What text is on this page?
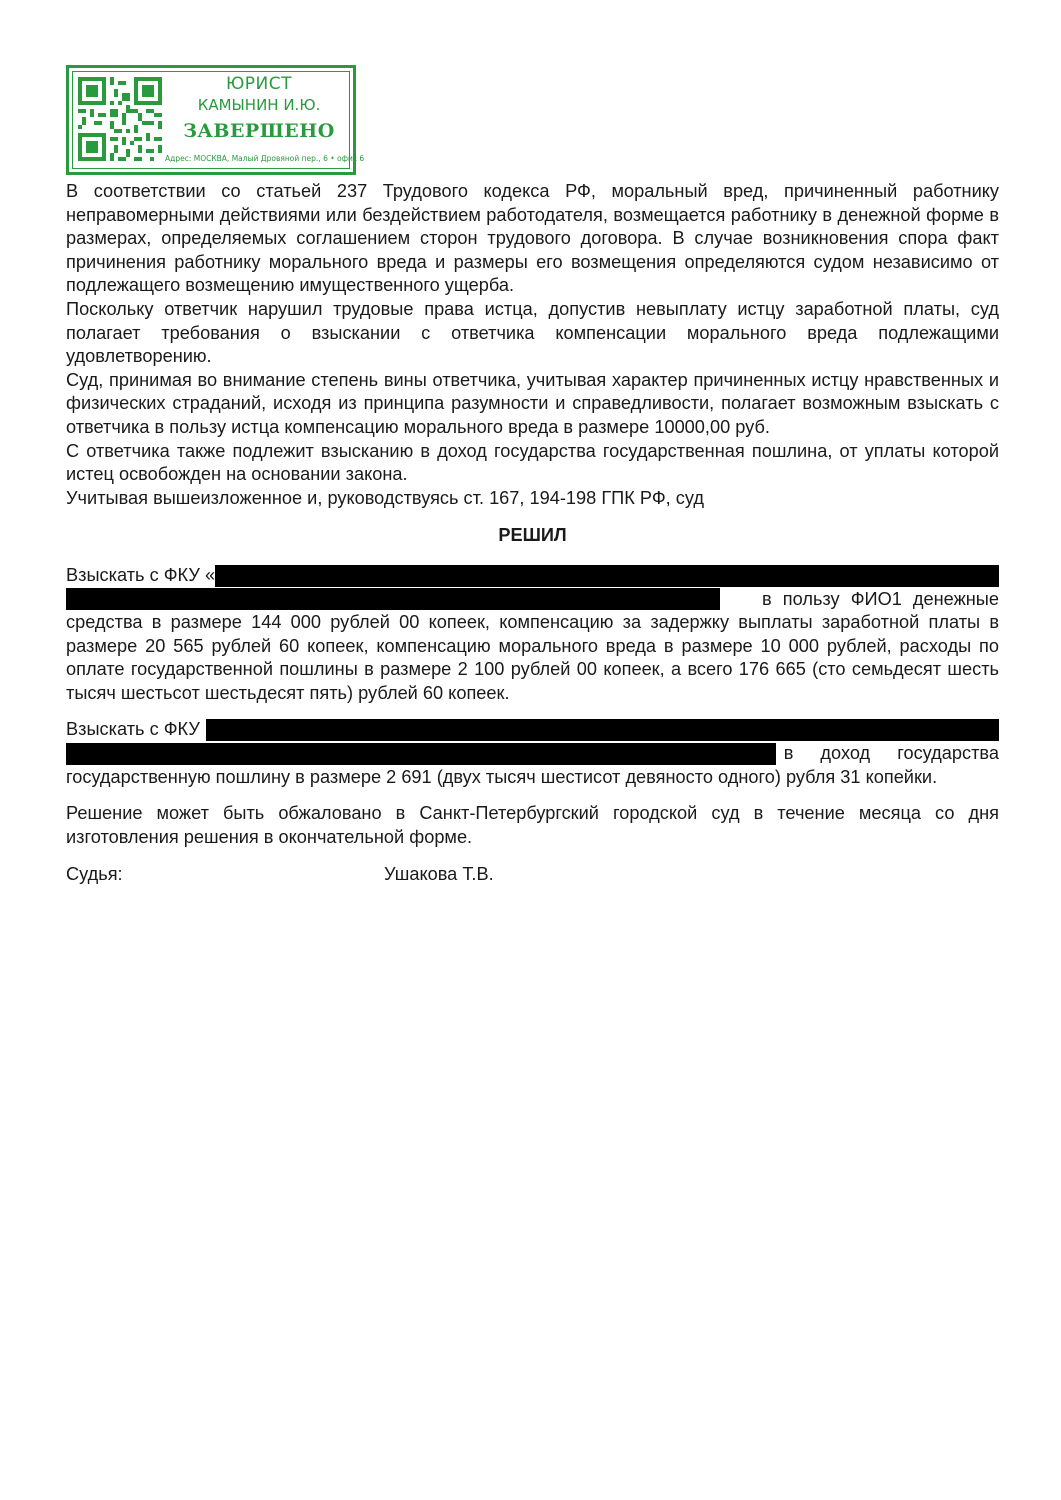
ЮРИСТ
КАМЫНИН И.Ю.
ЗАВЕРШЕНО
Адрес: МОСКВА, Малый Дровяной пер., 6 • офис 6

В соответствии со статьей 237 Трудового кодекса РФ, моральный вред, причиненный работнику неправомерными действиями или бездействием работодателя, возмещается работнику в денежной форме в размерах, определяемых соглашением сторон трудового договора. В случае возникновения спора факт причинения работнику морального вреда и размеры его возмещения определяются судом независимо от подлежащего возмещению имущественного ущерба.

Поскольку ответчик нарушил трудовые права истца, допустив невыплату истцу заработной платы, суд полагает требования о взыскании с ответчика компенсации морального вреда подлежащими удовлетворению.

Суд, принимая во внимание степень вины ответчика, учитывая характер причиненных истцу нравственных и физических страданий, исходя из принципа разумности и справедливости, полагает возможным взыскать с ответчика в пользу истца компенсацию морального вреда в размере 10000,00 руб.

С ответчика также подлежит взысканию в доход государства государственная пошлина, от уплаты которой истец освобожден на основании закона.

Учитывая вышеизложенное и, руководствуясь ст. 167, 194-198 ГПК РФ, суд

РЕШИЛ
Взыскать с ФКУ «
в пользу ФИО1 денежные

средства в размере 144 000 рублей 00 копеек, компенсацию за задержку выплаты заработной платы в размере 20 565 рублей 60 копеек, компенсацию морального вреда в размере 10 000 рублей, расходы по оплате государственной пошлины в размере 2 100 рублей 00 копеек, а всего 176 665 (сто семьдесят шесть тысяч шестьсот шестьдесят пять) рублей 60 копеек.

Взыскать с ФКУ
в доход государства

государственную пошлину в размере 2 691 (двух тысяч шестисот девяносто одного) рубля 31 копейки.

Решение может быть обжаловано в Санкт-Петербургский городской суд в течение месяца со дня изготовления решения в окончательной форме.

Судья:	Ушакова Т.В.
